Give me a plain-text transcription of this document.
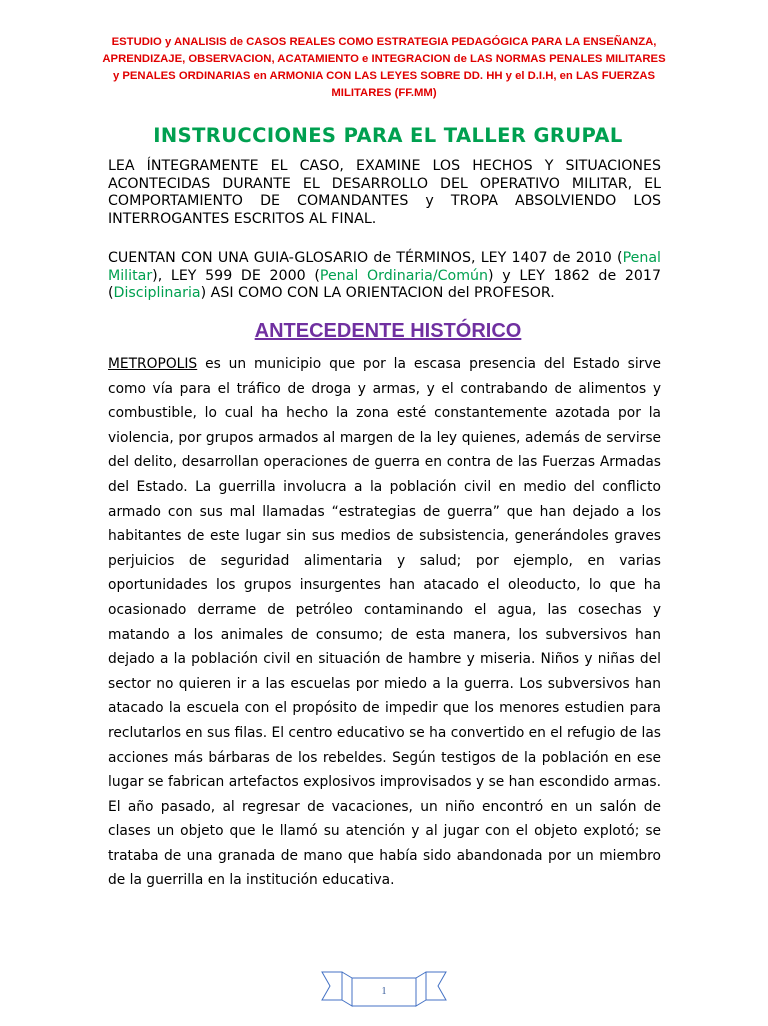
ESTUDIO y ANALISIS de CASOS REALES COMO ESTRATEGIA PEDAGÓGICA PARA LA ENSEÑANZA, APRENDIZAJE, OBSERVACION, ACATAMIENTO e INTEGRACION de LAS NORMAS PENALES MILITARES y PENALES ORDINARIAS en ARMONIA CON LAS LEYES SOBRE DD. HH y el D.I.H, en LAS FUERZAS MILITARES (FF.MM)
INSTRUCCIONES PARA EL TALLER GRUPAL

LEA ÍNTEGRAMENTE EL CASO, EXAMINE LOS HECHOS Y SITUACIONES ACONTECIDAS DURANTE EL DESARROLLO DEL OPERATIVO MILITAR, EL COMPORTAMIENTO DE COMANDANTES y TROPA ABSOLVIENDO LOS INTERROGANTES ESCRITOS AL FINAL.

CUENTAN CON UNA GUIA-GLOSARIO de TÉRMINOS, LEY 1407 de 2010 (Penal Militar), LEY 599 DE 2000 (Penal Ordinaria/Común) y LEY 1862 de 2017 (Disciplinaria) ASI COMO CON LA ORIENTACION del PROFESOR.

ANTECEDENTE HISTÓRICO

METROPOLIS es un municipio que por la escasa presencia del Estado sirve como vía para el tráfico de droga y armas, y el contrabando de alimentos y combustible, lo cual ha hecho la zona esté constantemente azotada por la violencia, por grupos armados al margen de la ley quienes, además de servirse del delito, desarrollan operaciones de guerra en contra de las Fuerzas Armadas del Estado. La guerrilla involucra a la población civil en medio del conflicto armado con sus mal llamadas “estrategias de guerra” que han dejado a los habitantes de este lugar sin sus medios de subsistencia, generándoles graves perjuicios de seguridad alimentaria y salud; por ejemplo, en varias oportunidades los grupos insurgentes han atacado el oleoducto, lo que ha ocasionado derrame de petróleo contaminando el agua, las cosechas y matando a los animales de consumo; de esta manera, los subversivos han dejado a la población civil en situación de hambre y miseria. Niños y niñas del sector no quieren ir a las escuelas por miedo a la guerra. Los subversivos han atacado la escuela con el propósito de impedir que los menores estudien para reclutarlos en sus filas. El centro educativo se ha convertido en el refugio de las acciones más bárbaras de los rebeldes. Según testigos de la población en ese lugar se fabrican artefactos explosivos improvisados y se han escondido armas. El año pasado, al regresar de vacaciones, un niño encontró en un salón de clases un objeto que le llamó su atención y al jugar con el objeto explotó; se trataba de una granada de mano que había sido abandonada por un miembro de la guerrilla en la institución educativa.

1
